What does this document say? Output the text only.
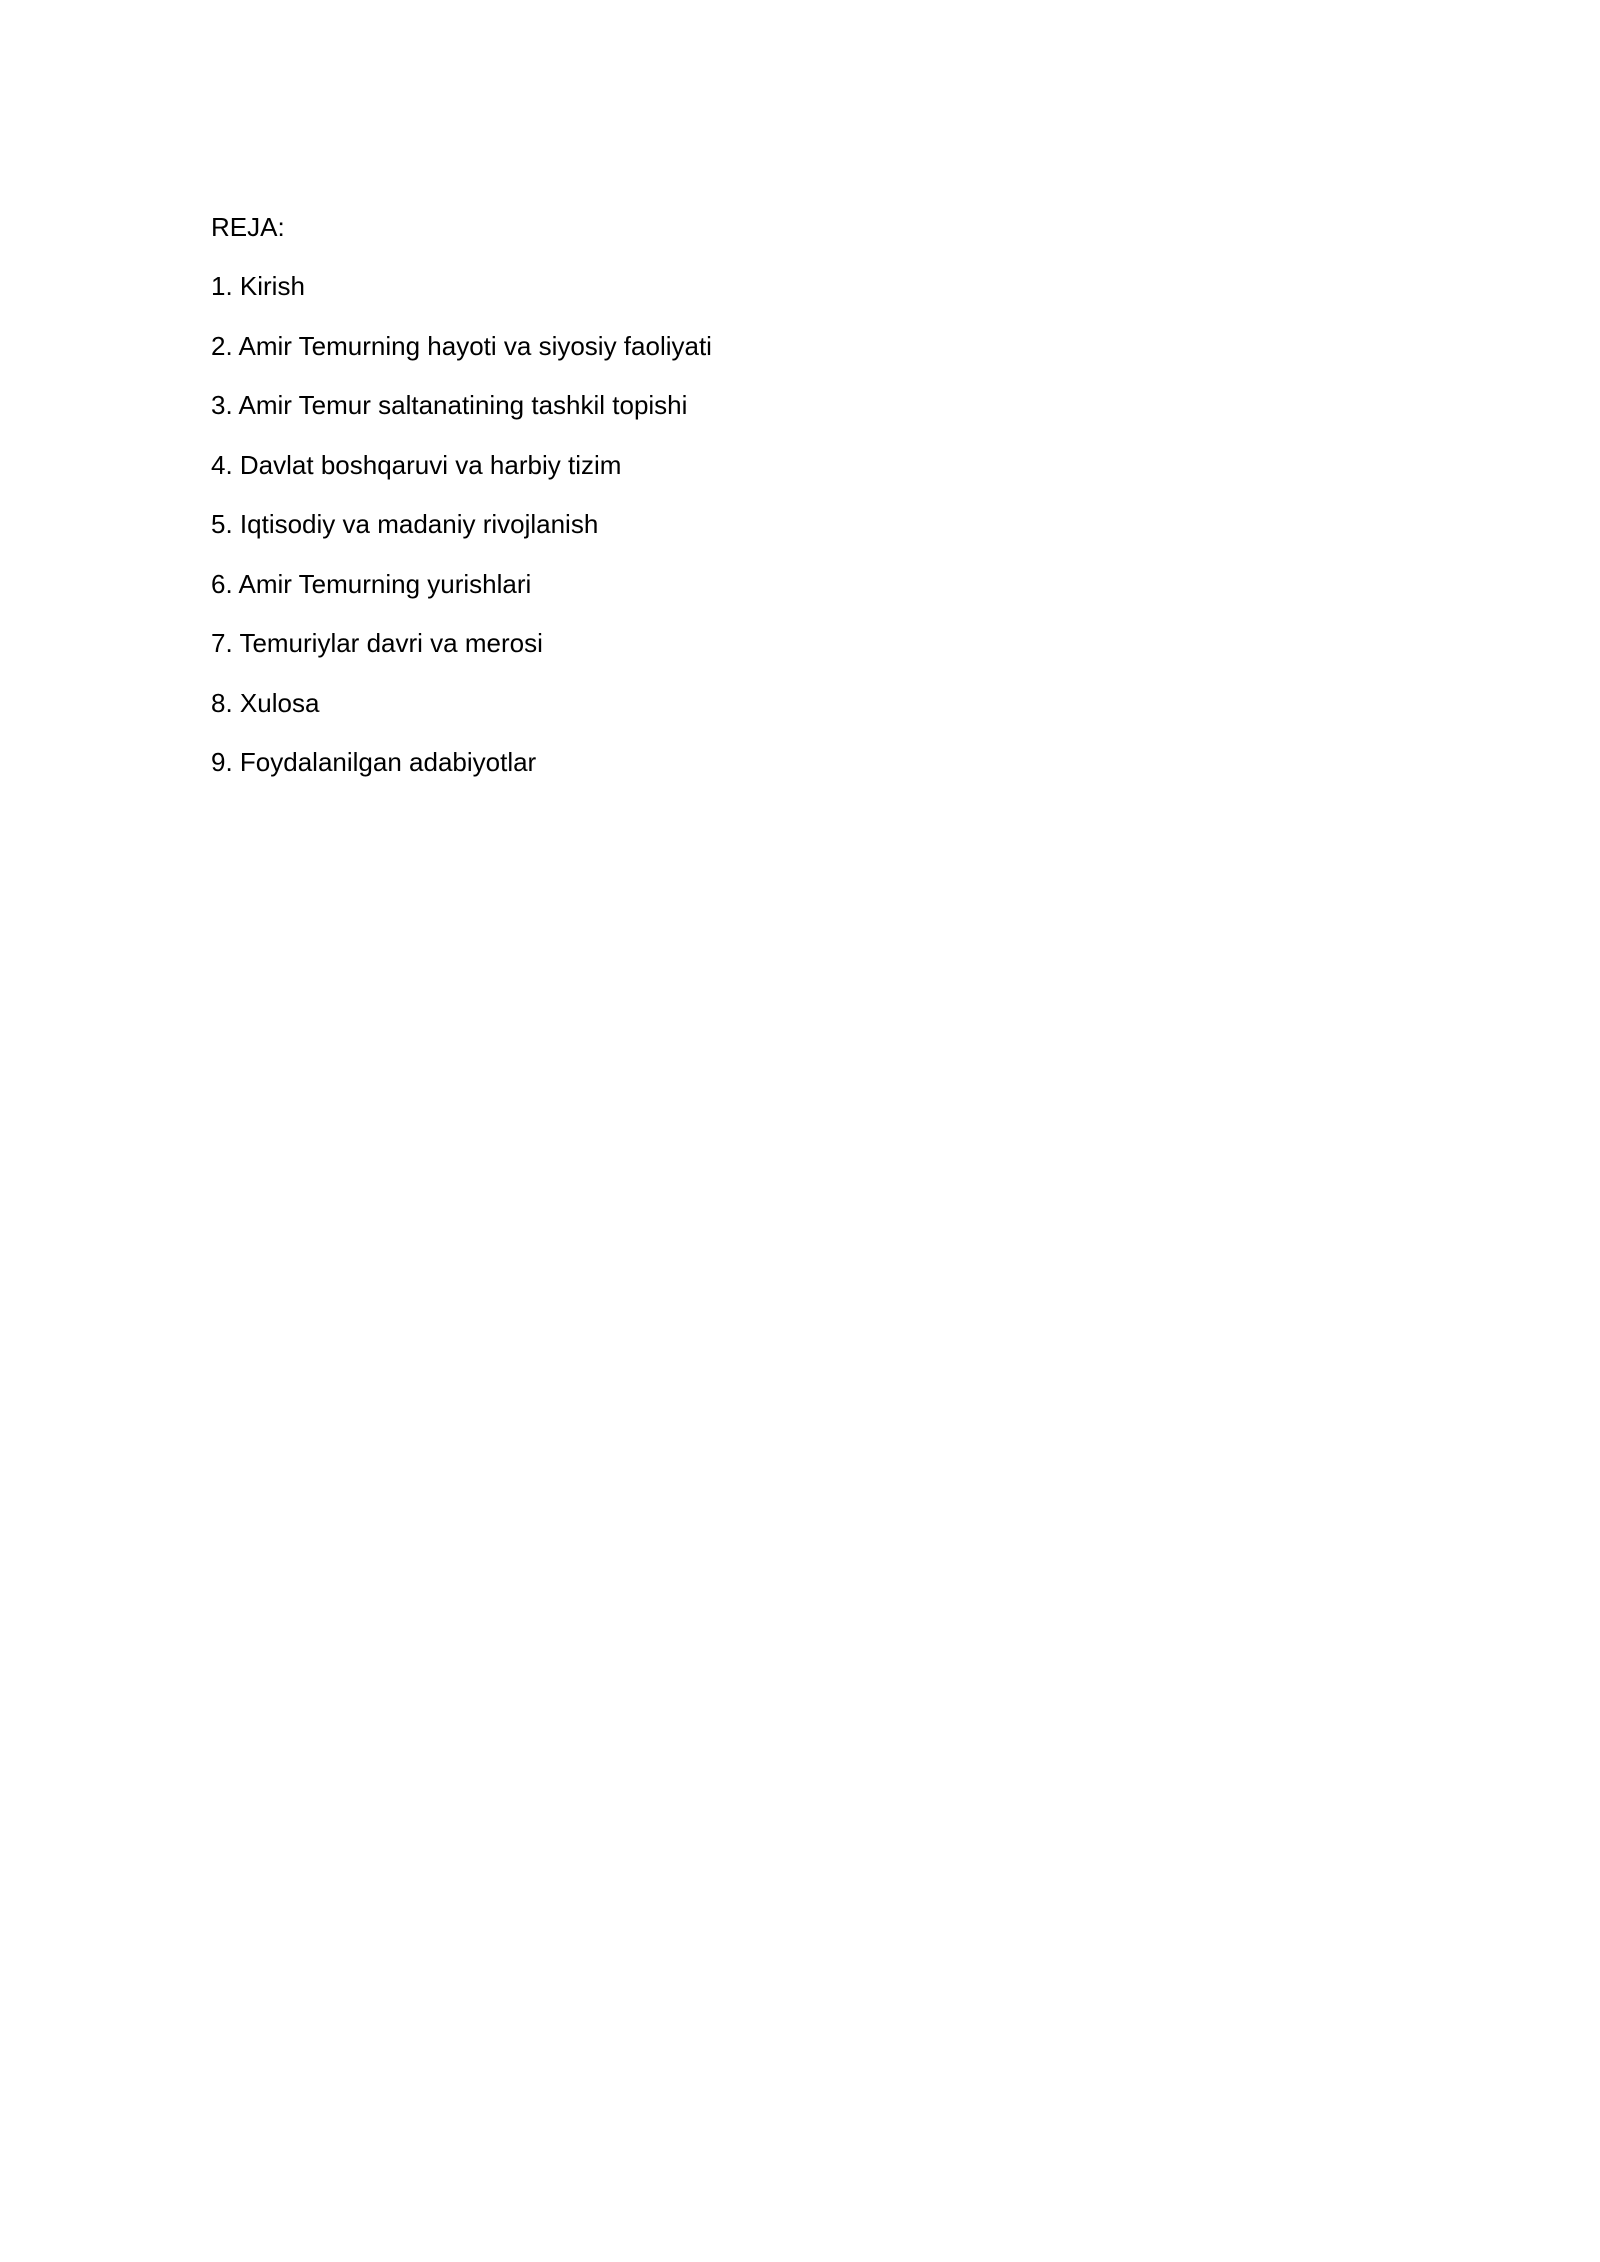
REJA:

1. Kirish
2. Amir Temurning hayoti va siyosiy faoliyati
3. Amir Temur saltanatining tashkil topishi
4. Davlat boshqaruvi va harbiy tizim
5. Iqtisodiy va madaniy rivojlanish
6. Amir Temurning yurishlari
7. Temuriylar davri va merosi
8. Xulosa
9. Foydalanilgan adabiyotlar
